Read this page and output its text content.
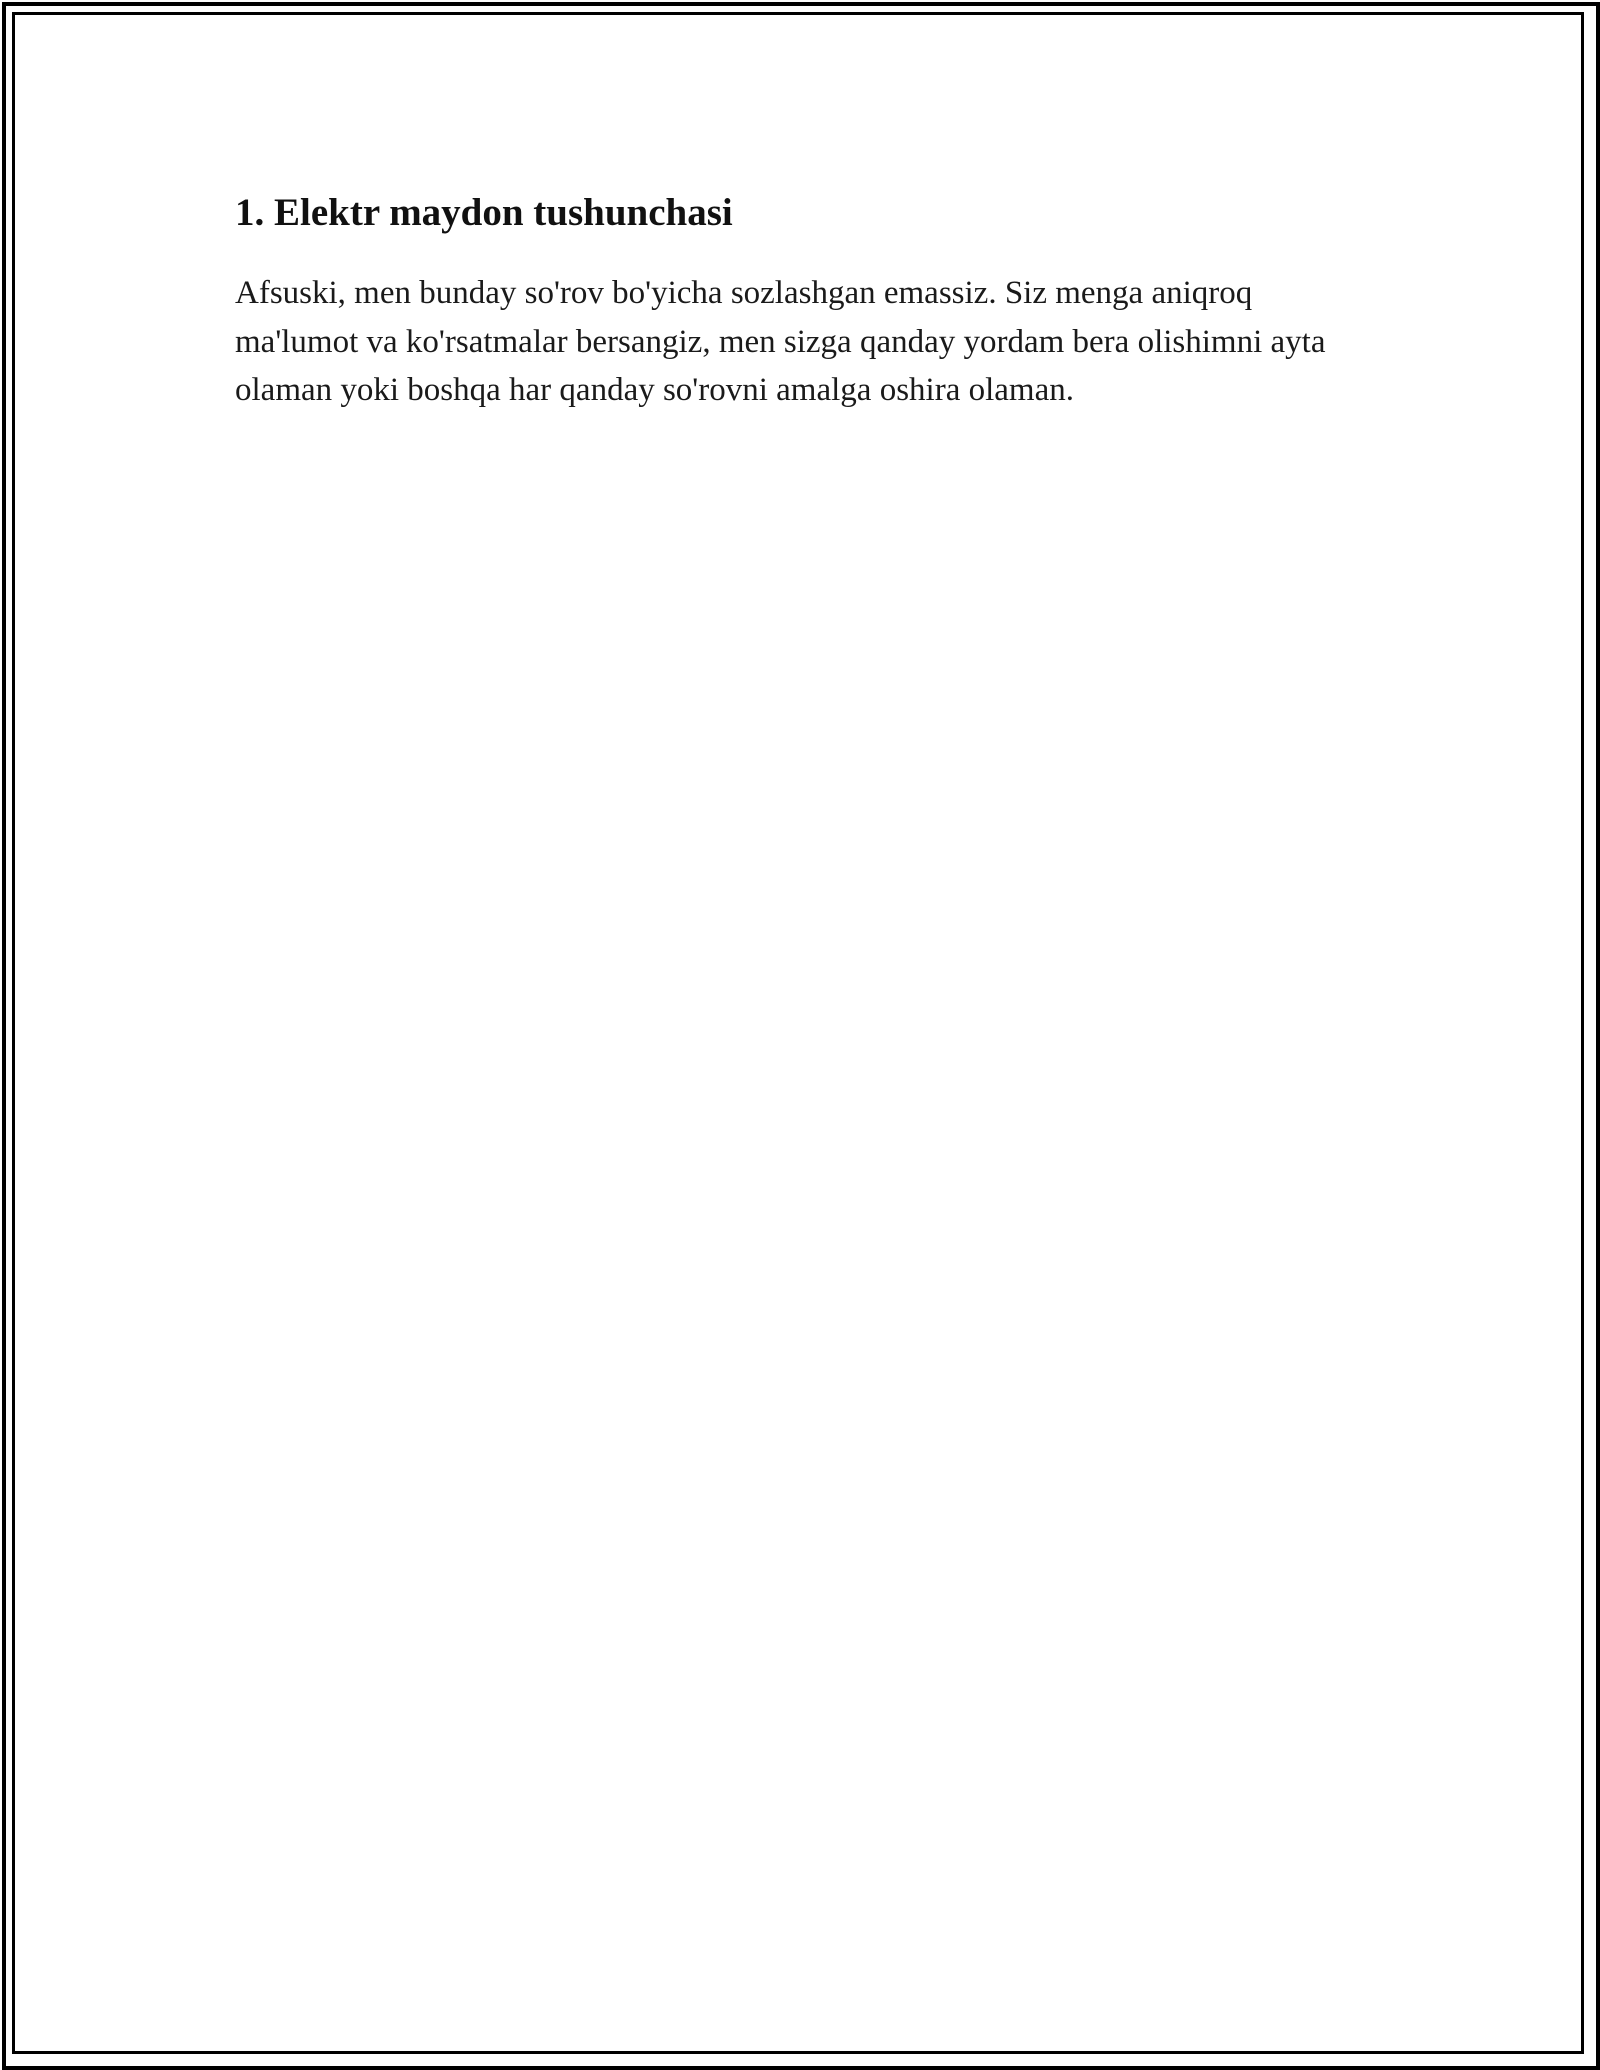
1. Elektr maydon tushunchasi

Afsuski, men bunday so'rov bo'yicha sozlashgan emassiz. Siz menga aniqroq ma'lumot va ko'rsatmalar bersangiz, men sizga qanday yordam bera olishimni ayta olaman yoki boshqa har qanday so'rovni amalga oshira olaman.
